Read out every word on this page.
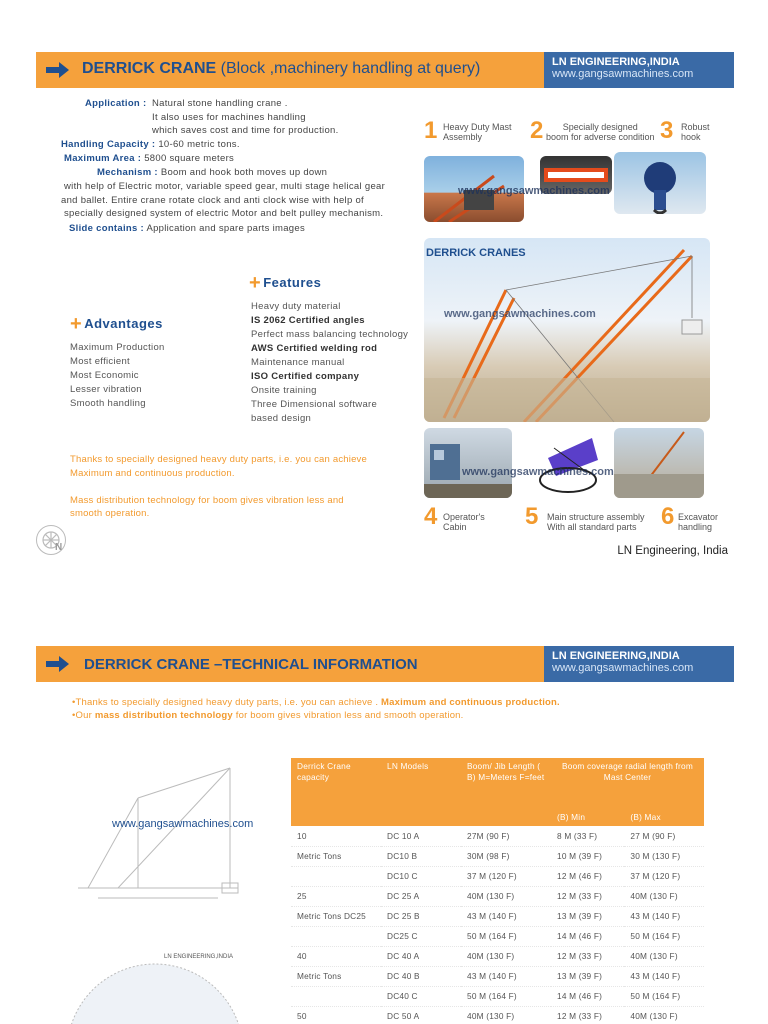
DERRICK CRANE (Block ,machinery handling at query)	LN ENGINEERING,INDIA
www.gangsawmachines.com
Application : Natural stone handling crane .
It also uses for machines handling
which saves cost and time for production.
Handling Capacity : 10-60 metric tons.
Maximum Area : 5800 square meters
Mechanism : Boom and hook both moves up down
with help of Electric motor, variable speed gear, multi stage helical gear
and ballet. Entire crane rotate clock and anti clock wise with help of
specially designed system of electric Motor and belt pulley mechanism.
Slide contains : Application and spare parts images
+ Features
Heavy duty material
IS 2062 Certified angles
Perfect mass balancing technology
AWS Certified welding rod
Maintenance manual
ISO Certified company
Onsite training
Three Dimensional software
based design
+ Advantages
Maximum Production
Most efficient
Most Economic
Lesser vibration
Smooth handling
Thanks to specially designed heavy duty parts, i.e. you can achieve
Maximum and continuous production.
Mass distribution technology for boom gives vibration less and
smooth operation.
N	LN Engineering, India
1 Heavy Duty Mast
Assembly	2	Specially designed
boom for adverse condition 3 Robust
hook
www.gangsawmachines.com
DERRICK CRANES
www.gangsawmachines.com
www.gangsawmachines.com
4 Operator's
Cabin	5 Main structure assembly
With all standard parts	6 Excavator
handling
DERRICK CRANE –TECHNICAL INFORMATION	LN ENGINEERING,INDIA
www.gangsawmachines.com
•Thanks to specially designed heavy duty parts, i.e. you can achieve . Maximum and continuous production.
•Our mass distribution technology for boom gives vibration less and smooth operation.
www.gangsawmachines.com
LN ENGINEERING,INDIA
Derrick Crane capacity	LN Models	Boom/ Jib Length ( B) M=Meters F=feet	Boom coverage radial length from Mast Center	
			(B) Min	(B) Max
10	DC 10 A	27M (90 F)	8 M (33 F)	27 M (90 F)
Metric Tons	DC10 B	30M (98 F)	10 M (39 F)	30 M (130 F)
	DC10 C	37 M (120 F)	12 M (46 F)	37 M (120 F)
25	DC 25 A	40M (130 F)	12 M (33 F)	40M (130 F)
Metric Tons DC25	DC 25 B	43 M (140 F)	13 M (39 F)	43 M (140 F)
	DC25 C	50 M (164 F)	14 M (46 F)	50 M (164 F)
40	DC 40 A	40M (130 F)	12 M (33 F)	40M (130 F)
Metric Tons	DC 40 B	43 M (140 F)	13 M (39 F)	43 M (140 F)
	DC40 C	50 M (164 F)	14 M (46 F)	50 M (164 F)
50	DC 50 A	40M (130 F)	12 M (33 F)	40M (130 F)
